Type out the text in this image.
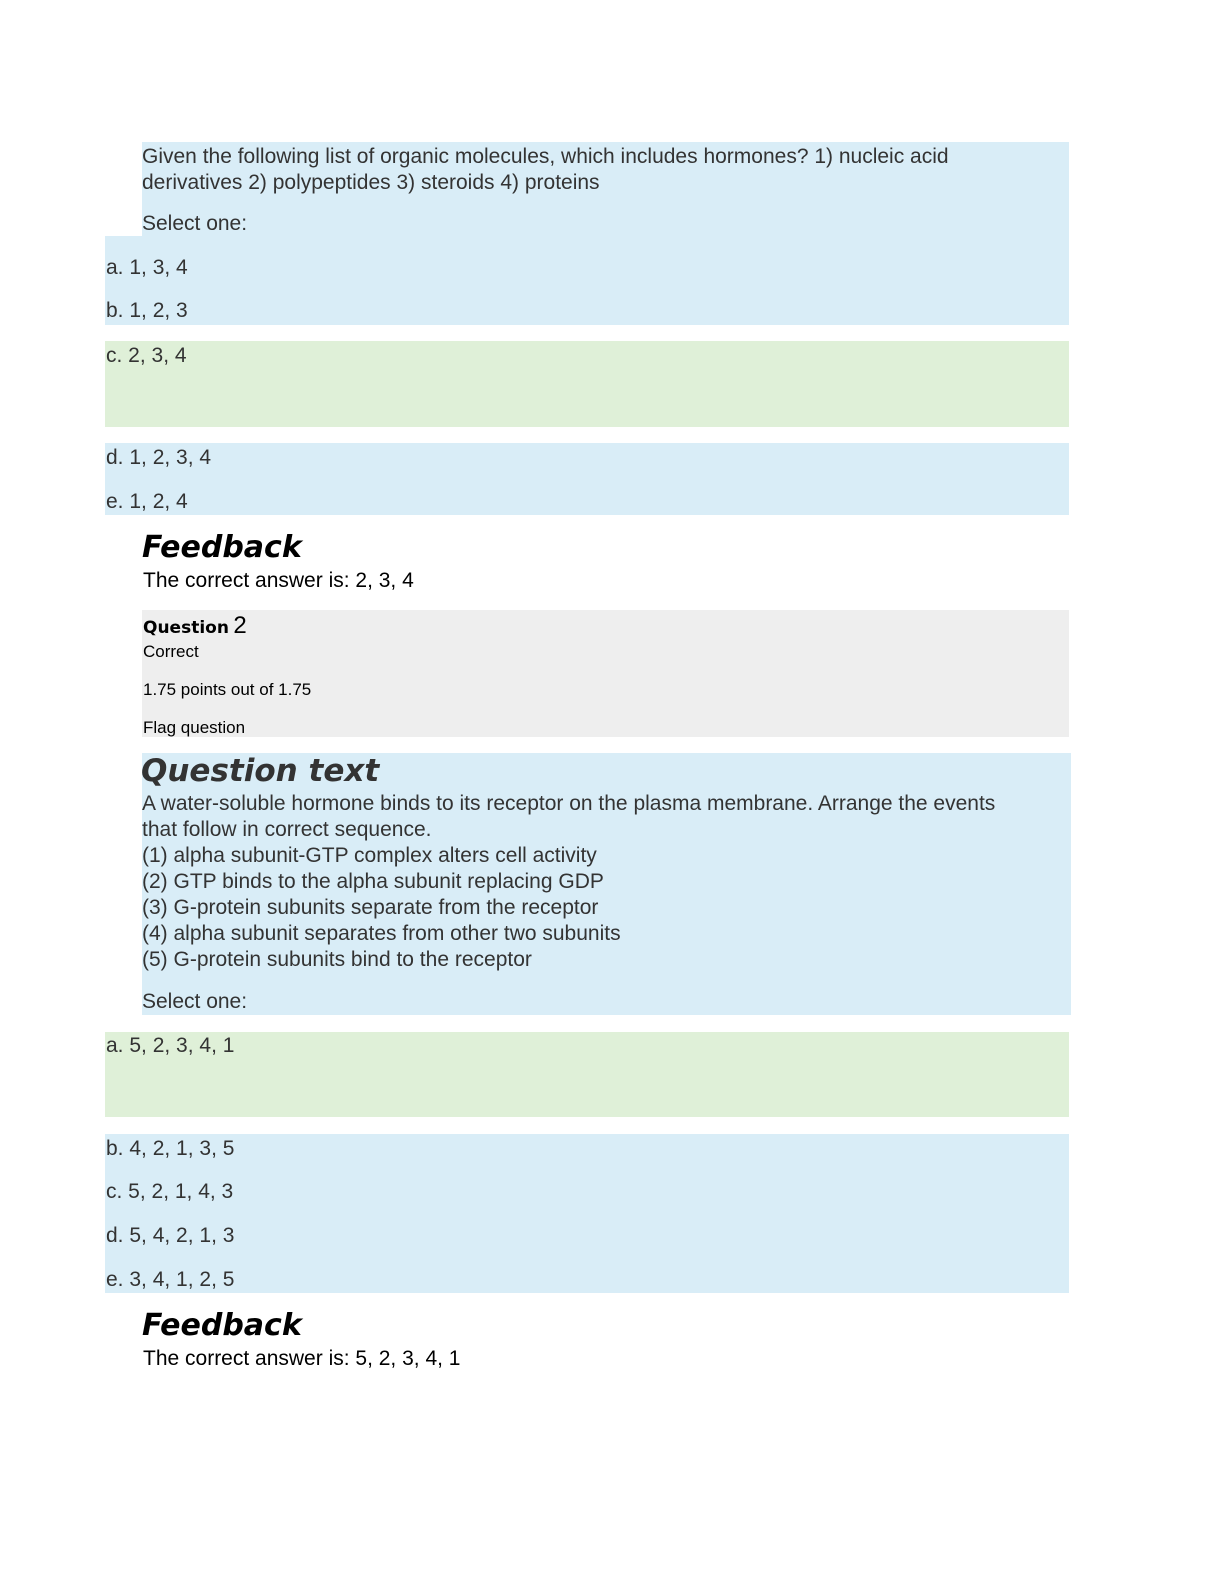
Given the following list of organic molecules, which includes hormones? 1) nucleic acid
derivatives 2) polypeptides 3) steroids 4) proteins
Select one:
a. 1, 3, 4
b. 1, 2, 3
c. 2, 3, 4
d. 1, 2, 3, 4
e. 1, 2, 4
Feedback
The correct answer is: 2, 3, 4
Question 2
Correct
1.75 points out of 1.75
Flag question
Question text
A water-soluble hormone binds to its receptor on the plasma membrane. Arrange the events
that follow in correct sequence.
(1) alpha subunit-GTP complex alters cell activity
(2) GTP binds to the alpha subunit replacing GDP
(3) G-protein subunits separate from the receptor
(4) alpha subunit separates from other two subunits
(5) G-protein subunits bind to the receptor
Select one:
a. 5, 2, 3, 4, 1
b. 4, 2, 1, 3, 5
c. 5, 2, 1, 4, 3
d. 5, 4, 2, 1, 3
e. 3, 4, 1, 2, 5
Feedback
The correct answer is: 5, 2, 3, 4, 1
